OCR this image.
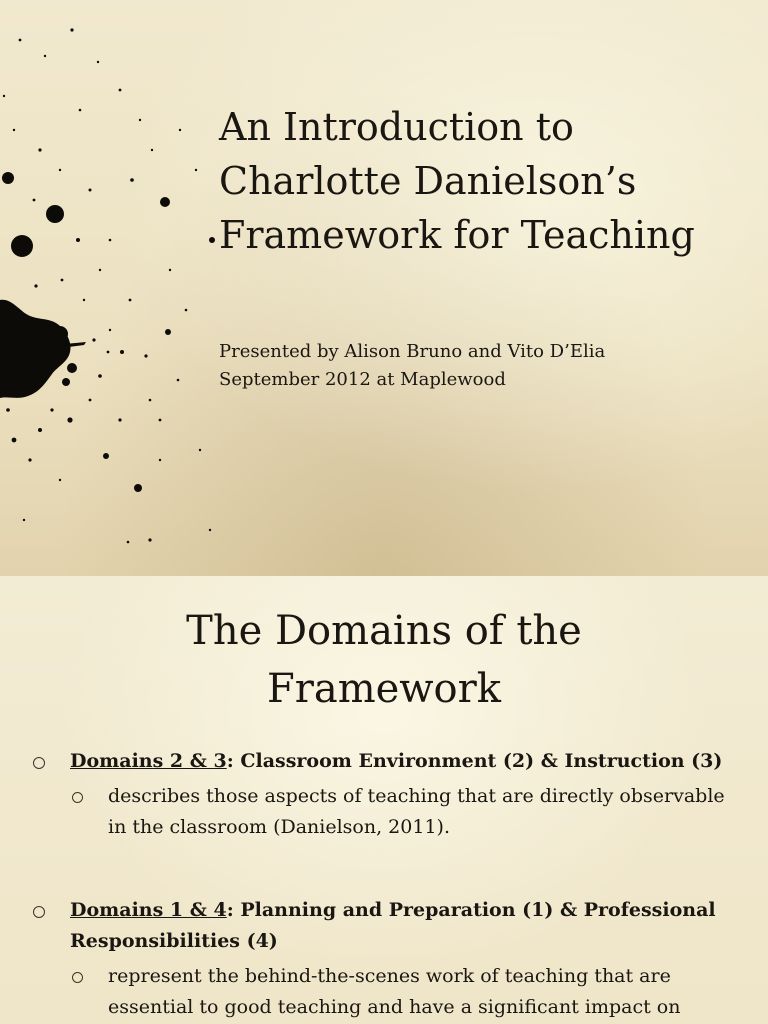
An Introduction to
Charlotte Danielson’s
Framework for Teaching
Presented by Alison Bruno and Vito D’Elia
September 2012 at Maplewood
The Domains of the
Framework
Domains 2 & 3: Classroom Environment (2) & Instruction (3)
describes those aspects of teaching that are directly observable in the classroom (Danielson, 2011).
Domains 1 & 4: Planning and Preparation (1) & Professional Responsibilities (4)
represent the behind-the-scenes work of teaching that are essential to good teaching and have a significant impact on
